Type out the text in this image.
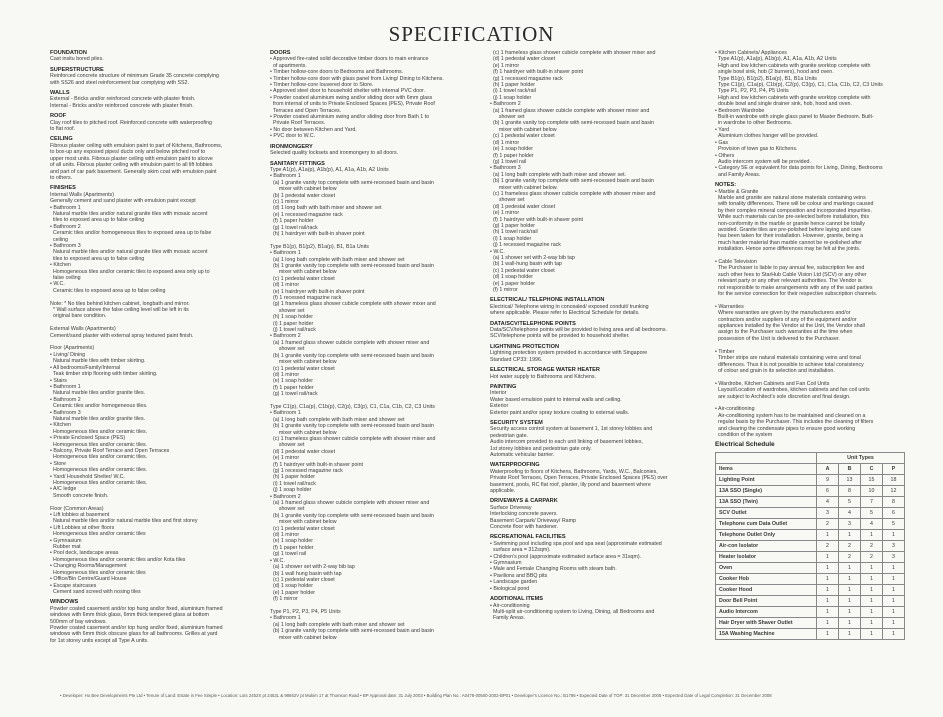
SPECIFICATION
FOUNDATION
Cast insitu bored piles.
SUPERSTRUCTURE
Reinforced concrete structure of minimum Grade 35 concrete complying
with SS26 and steel reinforcement bar complying with SS2.
WALLS
External - Bricks and/or reinforced concrete with plaster finish.
Internal - Bricks and/or reinforced concrete with plaster finish.
ROOF
Clay roof tiles to pitched roof. Reinforced concrete with waterproofing
to flat roof.
CEILING
Fibrous plaster ceiling with emulsion paint to part of Kitchens, Bathrooms,
to box-up any exposed pipes/ ducts only and below pitched roof to
upper most units. Fibrous plaster ceiling with emulsion paint to alcove
of all units. Fibrous plaster ceiling with emulsion paint to all lift lobbies
and part of car park basement. Generally skim coat with emulsion paint
to others.
FINISHES
Internal Walls (Apartments)
Generally cement and sand plaster with emulsion paint except
• Bathroom 1
Natural marble tiles and/or natural granite tiles with mosaic accent
tiles to exposed area up to false ceiling
• Bathroom 2
Ceramic tiles and/or homogeneous tiles to exposed area up to false
ceiling
• Bathroom 3
Natural marble tiles and/or natural granite tiles with mosaic accent
tiles to exposed area up to false ceiling
• Kitchen
Homogeneous tiles and/or ceramic tiles to exposed area only up to
false ceiling
• W.C.
Ceramic tiles to exposed area up to false ceiling

Note: * No tiles behind kitchen cabinet, longbath and mirror.
* Wall surface above the false ceiling level will be left in its
original bare condition.

External Walls (Apartments)
Cement/sand plaster with external spray textured paint finish.

Floor (Apartments)
• Living/ Dining
Natural marble tiles with timber skirting.
• All bedrooms/Family/Internal
Teak timber strip flooring with timber skirting.
• Stairs
• Bathroom 1
Natural marble tiles and/or granite tiles.
• Bathroom 2
Ceramic tiles and/or homogeneous tiles.
• Bathroom 3
Natural marble tiles and/or granite tiles.
• Kitchen
Homogeneous tiles and/or ceramic tiles.
• Private Enclosed Space (PES)
Homogeneous tiles and/or ceramic tiles.
• Balcony, Private Roof Terrace and Open Terraces
Homogeneous tiles and/or ceramic tiles.
• Store
Homogeneous tiles and/or ceramic tiles.
• Yard/ Household Shelter/ W.C.
Homogeneous tiles and/or ceramic tiles.
• A/C ledge
Smooth concrete finish.

Floor (Common Areas)
• Lift lobbies at basement
Natural marble tiles and/or natural marble tiles and first storey
• Lift Lobbies at other floors
Homogeneous tiles and/or ceramic tiles
• Gymnasium
Rubber mat
• Pool deck, landscape areas
Homogeneous tiles and/or ceramic tiles and/or Kota tiles
• Changing Rooms/Management
Homogeneous tiles and/or ceramic tiles
• Office/Bin Centre/Guard House
• Escape staircases
Cement sand screed with nosing tiles
WINDOWS
Powder coated casement and/or top hung and/or fixed, aluminium framed
windows with 6mm thick glass, 6mm thick tempered glass at bottom
500mm of bay windows.
Powder coated casement and/or top hung and/or fixed, aluminium framed
windows with 6mm thick obscure glass for all bathrooms. Grilles at yard
for 1st storey units except all Type A units.
DOORS
• Approved fire-rated solid decorative timber doors to main entrance
of apartments.
• Timber hollow-core doors to Bedrooms and Bathrooms.
• Timber hollow-core door with glass panel from Living/ Dining to Kitchens.
• Timber hollow-core louvered door to Store.
• Approved steel door to household shelter with internal PVC door.
• Powder coated aluminium swing and/or sliding door with 6mm glass
from internal of units to Private Enclosed Spaces (PES), Private Roof
Terraces and Open Terraces.
• Powder coated aluminium swing and/or sliding door from Bath 1 to
Private Roof Terraces.
• No door between Kitchen and Yard.
• PVC door to W.C.
IRONMONGERY
Selected quality locksets and ironmongery to all doors.
SANITARY FITTINGS
Type A1(p), A1a(p), A1b(p), A1, A1a, A1b, A2 Units
• Bathroom 1
(a) 1 granite vanity top complete with semi-recessed basin and basin
mixer with cabinet below
(b) 1 pedestal water closet
(c) 1 mirror
(d) 1 long bath with bath mixer and shower set
(e) 1 recessed magazine rack
(f) 1 paper holder
(g) 1 towel rail/rack
(h) 1 hairdryer with built-in shaver point

Type B1(p), B1(p2), B1a(p), B1, B1a Units
• Bathroom 1
(a) 1 long bath complete with bath mixer and shower set
(b) 1 granite vanity top complete with semi-recessed basin and basin
mixer with cabinet below
(c) 1 pedestal water closet
(d) 1 mirror
(e) 1 hairdryer with built-in shaver point
(f) 1 recessed magazine rack
(g) 1 frameless glass shower cubicle complete with shower mixer and
shower set
(h) 1 soap holder
(i) 1 paper holder
(j) 1 towel rail/rack
• Bathroom 2
(a) 1 framed glass shower cubicle complete with shower mixer and
shower set
(b) 1 granite vanity top complete with semi-recessed basin and basin
mixer with cabinet below
(c) 1 pedestal water closet
(d) 1 mirror
(e) 1 soap holder
(f) 1 paper holder
(g) 1 towel rail/rack

Type C1(p), C1a(p), C1b(p), C2(p), C3(p), C1, C1a, C1b, C2, C3 Units
• Bathroom 1
(a) 1 long bath complete with bath mixer and shower set
(b) 1 granite vanity top complete with semi-recessed basin and basin
mixer with cabinet below
(c) 1 frameless glass shower cubicle complete with shower mixer and
shower set
(d) 1 pedestal water closet
(e) 1 mirror
(f) 1 hairdryer with built-in shaver point
(g) 1 recessed magazine rack
(h) 1 paper holder
(i) 1 towel rail/rack
(j) 1 soap holder
• Bathroom 2
(a) 1 framed glass shower cubicle complete with shower mixer and
shower set
(b) 1 granite vanity top complete with semi-recessed basin and basin
mixer with cabinet below
(c) 1 pedestal water closet
(d) 1 mirror
(e) 1 soap holder
(f) 1 paper holder
(g) 1 towel rail
• W.C.
(a) 1 shower set with 2-way bib tap
(b) 1 wall hung basin with tap
(c) 1 pedestal water closet
(d) 1 soap holder
(e) 1 paper holder
(f) 1 mirror

Type P1, P2, P3, P4, P5 Units
• Bathroom 1
(a) 1 long bath complete with bath mixer and shower set
(b) 1 granite vanity top complete with semi-recessed basin and basin
mixer with cabinet below
(c) 1 frameless glass shower cubicle complete with shower mixer and
(d) 1 pedestal water closet
(e) 1 mirror
(f) 1 hairdryer with built-in shaver point
(g) 1 recessed magazine rack
(h) 1 paper holder
(i) 1 towel rack/rail
(j) 1 soap holder
• Bathroom 2
(a) 1 framed glass shower cubicle complete with shower mixer and
shower set
(b) 1 granite vanity top complete with semi-recessed basin and basin
mixer with cabinet below
(c) 1 pedestal water closet
(d) 1 mirror
(e) 1 soap holder
(f) 1 paper holder
(g) 1 towel rail
• Bathroom 3
(a) 1 long bath complete with bath mixer and shower set.
(b) 1 granite vanity top complete with semi-recessed basin and basin
mixer with cabinet below.
(c) 1 frameless glass shower cubicle complete with shower mixer and
shower set
(d) 1 pedestal water closet
(e) 1 mirror
(f) 1 hairdryer with built-in shaver point
(g) 1 paper holder
(h) 1 towel rack/rail
(i) 1 soap holder
(j) 1 recessed magazine rack
• W.C.
(a) 1 shower set with 2-way bib tap
(b) 1 wall-hung basin with tap
(c) 1 pedestal water closet
(d) 1 soap holder
(e) 1 paper holder
(f) 1 mirror
ELECTRICAL/ TELEPHONE INSTALLATION
Electrical/ Telephone wiring in concealed/ exposed conduit/ trunking
where applicable. Please refer to Electrical Schedule for details.
DATA/SCV/TELEPHONE POINTS
Data/SCV/telephone points will be provided to living area and all bedrooms.
SCV/telephone points will be provided to household shelter.
LIGHTNING PROTECTION
Lightning protection system provided in accordance with Singapore
Standard CP33: 1996.
ELECTRICAL STORAGE WATER HEATER
Hot water supply to Bathrooms and Kitchens.
PAINTING
Interior
Water based emulsion paint to internal walls and ceiling.
Exterior
Exterior paint and/or spray texture coating to external walls.
SECURITY SYSTEM
Security access control system at basement 1, 1st storey lobbies and
pedestrian gate.
Audio intercom provided to each unit linking of basement lobbies,
1st storey lobbies and pedestrian gate only.
Automatic vehicular barrier.
WATERPROOFING
Waterproofing to floors of Kitchens, Bathrooms, Yards, W.C., Balconies,
Private Roof Terraces, Open Terraces, Private Enclosed Spaces (PES) over
basement, pools, RC flat roof, planter, lily pond and basement where
applicable.
DRIVEWAYS & CARPARK
Surface Driveway
Interlocking concrete pavers.
Basement Carpark/ Driveway/ Ramp
Concrete floor with hardener.
RECREATIONAL FACILITIES
• Swimming pool including spa pool and spa seat (approximate estimated
surface area = 312sqm).
• Children's pool (approximate estimated surface area = 31sqm).
• Gymnasium
• Male and Female Changing Rooms with steam bath.
• Pavilions and BBQ pits
• Landscape garden
• Biological pond
ADDITIONAL ITEMS
• Air-conditioning
Multi-split air-conditioning system to Living, Dining, all Bedrooms and
Family Areas.
• Kitchen Cabinets/ Appliances
Type A1(p), A1a(p), A1b(p), A1, A1a, A1b, A2 Units
High and low kitchen cabinets with granite worktop complete with
single bowl sink, hob (2 burners), hood and oven.
Type B1(p), B1(p2), B1a(p), B1, B1a Units
Type C1(p), C1a(p), C1b(p), C2(p), C3(p), C1, C1a, C1b, C2, C3 Units
Type P1, P2, P3, P4, P5 Units
High and low kitchen cabinets with granite worktop complete with
double bowl and single drainer sink, hob, hood and oven.
• Bedroom Wardrobe
Built-in wardrobe with single glass panel to Master Bedroom. Built-
in wardrobe to other Bedrooms.
• Yard
Aluminium clothes hanger will be provided.
• Gas
Provision of town gas to Kitchens.
• Others
Audio intercom system will be provided.
• Category 5E or equivalent for data points for Living, Dining, Bedrooms
and Family Areas.
NOTES:
• Marble & Granite
Marble and granite are natural stone materials containing veins
with tonality differences. There will be colour and markings caused
by their complex mineral composition and incorporated impurities.
While such materials can be pre-selected before installation, this
non-conformity in the marble or granite hence cannot be totally
avoided. Granite tiles are pre-polished before laying and care
has been taken for their installation. However, granite, being a
much harder material than marble cannot be re-polished after
installation. Hence some differences may be felt at the joints.

• Cable Television
The Purchaser is liable to pay annual fee, subscription fee and
such other fees to StarHub Cable Vision Ltd (SCV) or any other
relevant party or any other relevant authorities. The Vendor is
not responsible to make arrangements with any of the said parties
for the service connection for their respective subscription channels.

• Warranties
Where warranties are given by the manufacturers and/or
contractors and/or suppliers of any of the equipment and/or
appliances installed by the Vendor at the Unit, the Vendor shall
assign to the Purchaser such warranties at the time when
possession of the Unit is delivered to the Purchaser.

• Timber
Timber strips are natural materials containing veins and tonal
differences. Thus it is not possible to achieve total consistency
of colour and grain in its selection and installation.

• Wardrobe, Kitchen Cabinets and Fan Coil Units
Layout/Location of wardrobes, kitchen cabinets and fan coil units
are subject to Architect's sole discretion and final design.

• Air-conditioning
Air-conditioning system has to be maintained and cleaned on a
regular basis by the Purchaser. This includes the cleaning of filters
and clearing the condensate pipes to ensure good working
condition of the system
Electrical Schedule
	Unit Types			
Items	A	B	C	P
Lighting Point	9	13	15	18
13A SSO (Single)	6	8	10	12
13A SSO (Twin)	4	5	7	8
SCV Outlet	3	4	5	6
Telephone cum Data Outlet	2	3	4	5
Telephone Outlet Only	1	1	1	1
Air-con Isolator	2	2	2	3
Heater Isolator	1	2	2	3
Oven	1	1	1	1
Cooker Hob	1	1	1	1
Cooker Hood	1	1	1	1
Door Bell Point	1	1	1	1
Audio Intercom	1	1	1	1
Hair Dryer with Shaver Outlet	1	1	1	1
15A Washing Machine	1	1	1	1
• Developer: Ho Bee Developments Pte Ltd • Tenure of Land: Estate in Fee Simple • Location: Lots 2452X pt 2453L & 98662V pt Mukim 17 at Thomson Road • BP Approval date: 31 July 2003 • Building Plan No.: A0478-00500-2002-BP01 • Developer's Licence No.: B1786 • Expected Date of TOP: 31 December 2005 • Expected Date of Legal Completion: 31 December 2008
